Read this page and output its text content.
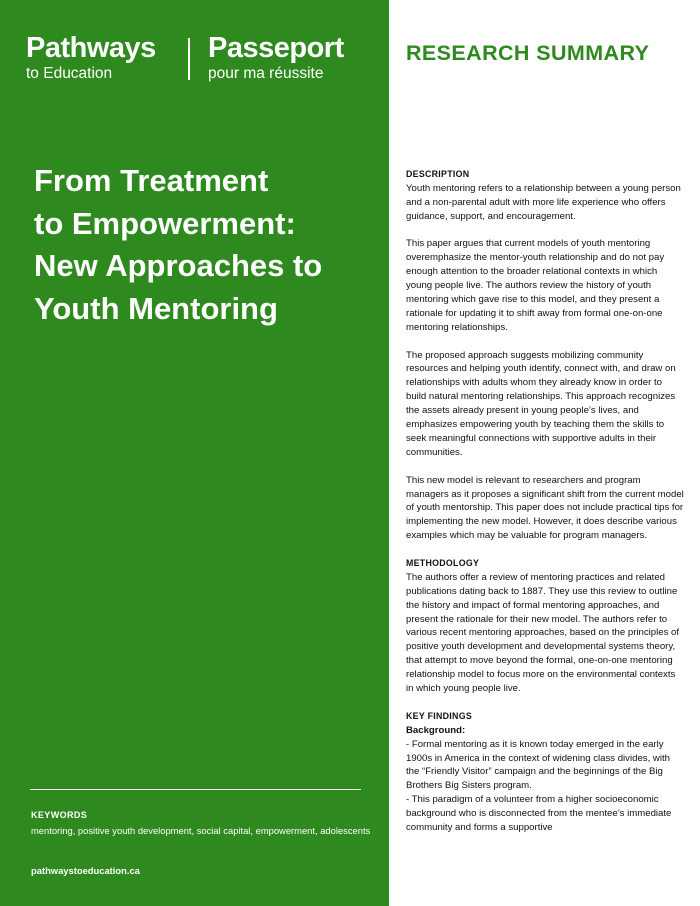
Pathways
to Education
Passeport
pour ma réussite
From Treatment
to Empowerment:
New Approaches to
Youth Mentoring
KEYWORDS
mentoring, positive youth development, social capital, empowerment, adolescents
pathwaystoeducation.ca
RESEARCH SUMMARY

DESCRIPTION

Youth mentoring refers to a relationship between a young person and a non-parental adult with more life experience who offers guidance, support, and encouragement.

This paper argues that current models of youth mentoring overemphasize the mentor-youth relationship and do not pay enough attention to the broader relational contexts in which young people live. The authors review the history of youth mentoring which gave rise to this model, and they present a rationale for updating it to shift away from formal one-on-one mentoring relationships.

The proposed approach suggests mobilizing community resources and helping youth identify, connect with, and draw on relationships with adults whom they already know in order to build natural mentoring relationships. This approach recognizes the assets already present in young people’s lives, and emphasizes empowering youth by teaching them the skills to seek meaningful connections with supportive adults in their communities.

This new model is relevant to researchers and program managers as it proposes a significant shift from the current model of youth mentorship. This paper does not include practical tips for implementing the new model. However, it does describe various examples which may be valuable for program managers.

METHODOLOGY

The authors offer a review of mentoring practices and related publications dating back to 1887. They use this review to outline the history and impact of formal mentoring approaches, and present the rationale for their new model. The authors refer to various recent mentoring approaches, based on the principles of positive youth development and developmental systems theory, that attempt to move beyond the formal, one-on-one mentoring relationship model to focus more on the environmental contexts in which young people live.

KEY FINDINGS

Background:

- Formal mentoring as it is known today emerged in the early 1900s in America in the context of widening class divides, with the “Friendly Visitor” campaign and the beginnings of the Big Brothers Big Sisters program.

- This paradigm of a volunteer from a higher socioeconomic background who is disconnected from the mentee’s immediate community and forms a supportive
